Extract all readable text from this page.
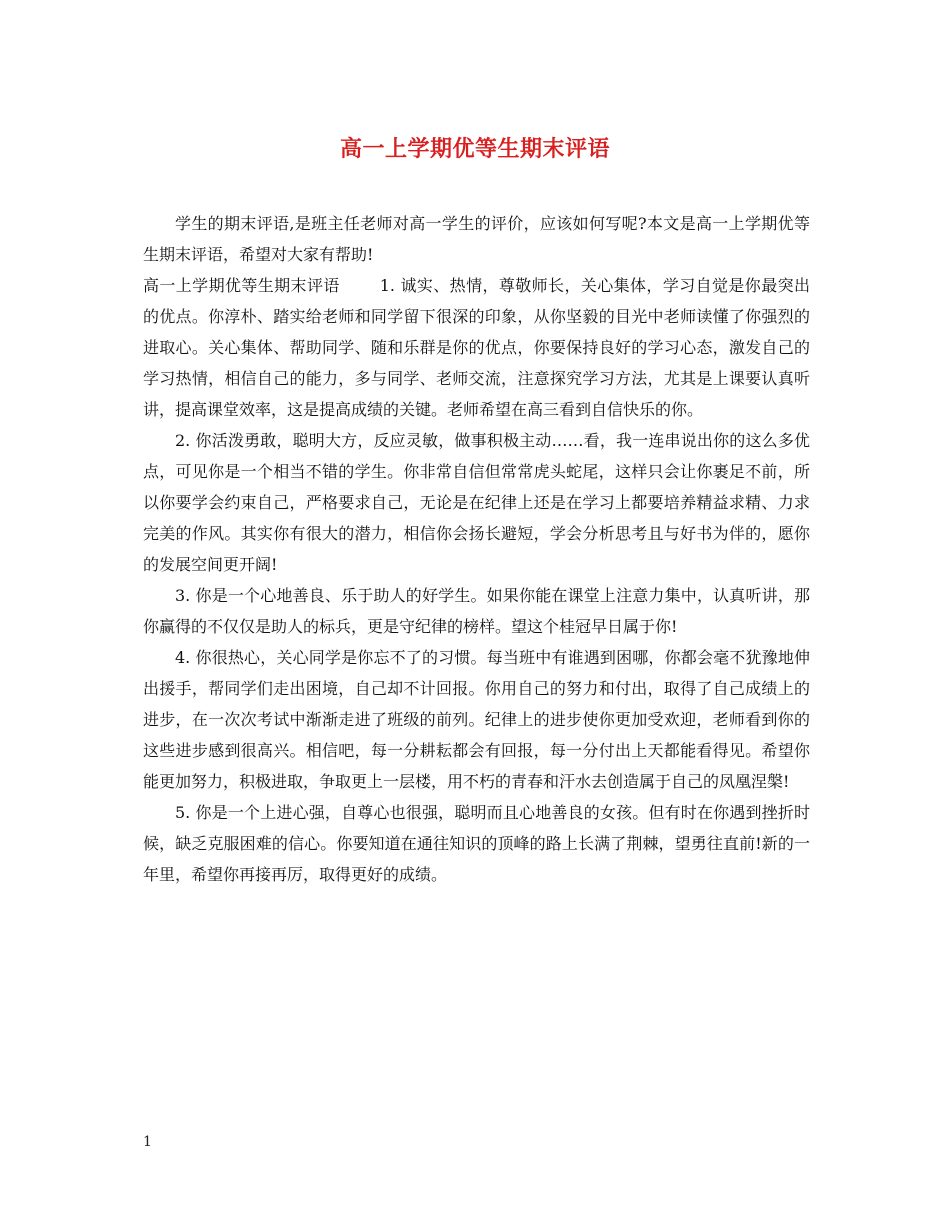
高一上学期优等生期末评语

学生的期末评语,是班主任老师对高一学生的评价，应该如何写呢?本文是高一上学期优等生期末评语，希望对大家有帮助!

高一上学期优等生期末评语	1. 诚实、热情，尊敬师长，关心集体，学习自觉是你最突出的优点。你淳朴、踏实给老师和同学留下很深的印象，从你坚毅的目光中老师读懂了你强烈的进取心。关心集体、帮助同学、随和乐群是你的优点，你要保持良好的学习心态，激发自己的学习热情，相信自己的能力，多与同学、老师交流，注意探究学习方法，尤其是上课要认真听讲，提高课堂效率，这是提高成绩的关键。老师希望在高三看到自信快乐的你。

2. 你活泼勇敢，聪明大方，反应灵敏，做事积极主动……看，我一连串说出你的这么多优点，可见你是一个相当不错的学生。你非常自信但常常虎头蛇尾，这样只会让你裹足不前，所以你要学会约束自己，严格要求自己，无论是在纪律上还是在学习上都要培养精益求精、力求完美的作风。其实你有很大的潜力，相信你会扬长避短，学会分析思考且与好书为伴的，愿你的发展空间更开阔!

3. 你是一个心地善良、乐于助人的好学生。如果你能在课堂上注意力集中，认真听讲，那你赢得的不仅仅是助人的标兵，更是守纪律的榜样。望这个桂冠早日属于你!

4. 你很热心，关心同学是你忘不了的习惯。每当班中有谁遇到困哪，你都会毫不犹豫地伸出援手，帮同学们走出困境，自己却不计回报。你用自己的努力和付出，取得了自己成绩上的进步，在一次次考试中渐渐走进了班级的前列。纪律上的进步使你更加受欢迎，老师看到你的这些进步感到很高兴。相信吧，每一分耕耘都会有回报，每一分付出上天都能看得见。希望你能更加努力，积极进取，争取更上一层楼，用不朽的青春和汗水去创造属于自己的凤凰涅槃!

5. 你是一个上进心强，自尊心也很强，聪明而且心地善良的女孩。但有时在你遇到挫折时候，缺乏克服困难的信心。你要知道在通往知识的顶峰的路上长满了荆棘，望勇往直前!新的一年里，希望你再接再厉，取得更好的成绩。

1
